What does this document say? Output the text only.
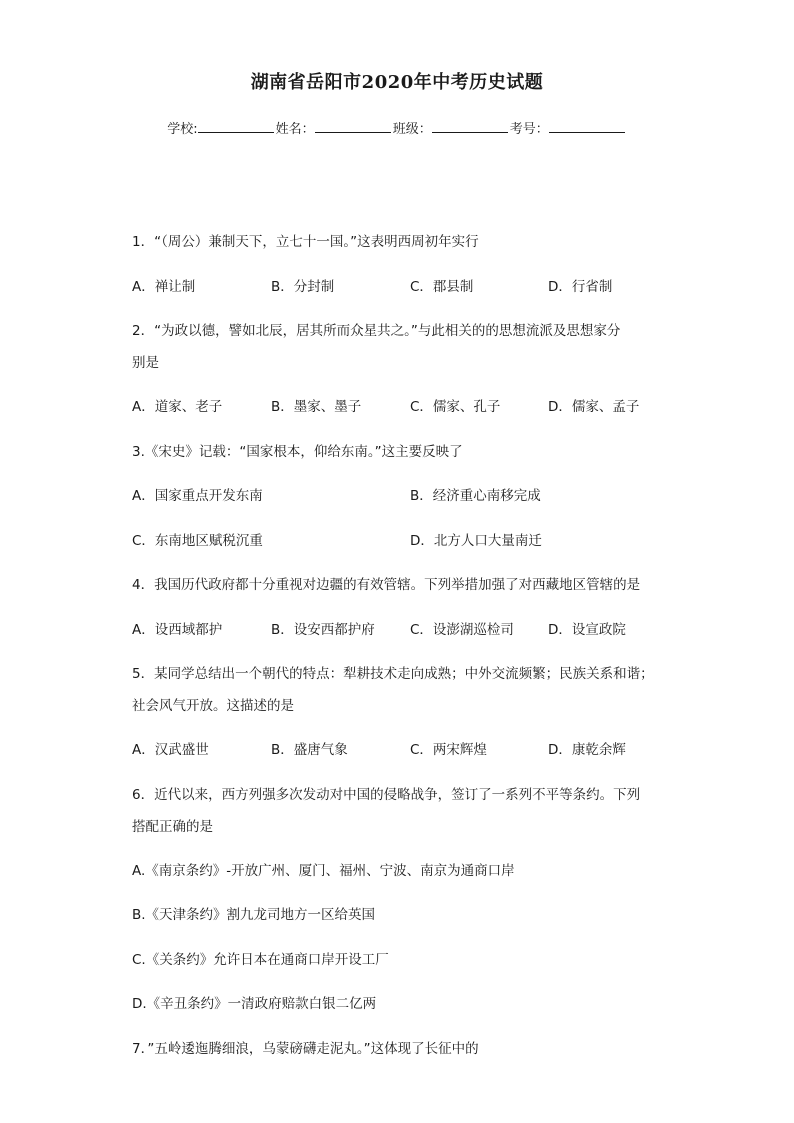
湖南省岳阳市2020年中考历史试题
学校:	姓名：	班级：	考号：
1．“（周公）兼制天下，立七十一国。”这表明西周初年实行
A．禅让制	B．分封制	C．郡县制	D．行省制
2．“为政以德，譬如北辰，居其所而众星共之。”与此相关的的思想流派及思想家分
别是
A．道家、老子	B．墨家、墨子	C．儒家、孔子	D．儒家、孟子
3.《宋史》记载：“国家根本，仰给东南。”这主要反映了
A．国家重点开发东南	B．经济重心南移完成
C．东南地区赋税沉重	D．北方人口大量南迁
4．我国历代政府都十分重视对边疆的有效管辖。下列举措加强了对西藏地区管辖的是
A．设西域都护	B．设安西都护府	C．设澎湖巡检司	D．设宣政院
5．某同学总结出一个朝代的特点：犁耕技术走向成熟；中外交流频繁；民族关系和谐；
社会风气开放。这描述的是
A．汉武盛世	B．盛唐气象	C．两宋辉煌	D．康乾余辉
6．近代以来，西方列强多次发动对中国的侵略战争，签订了一系列不平等条约。下列
搭配正确的是
A.《南京条约》-开放广州、厦门、福州、宁波、南京为通商口岸
B.《天津条约》割九龙司地方一区给英国
C.《关条约》允许日本在通商口岸开设工厂
D.《辛丑条约》一清政府赔款白银二亿两
7．”五岭逶迤腾细浪，乌蒙磅礴走泥丸。”这体现了长征中的
